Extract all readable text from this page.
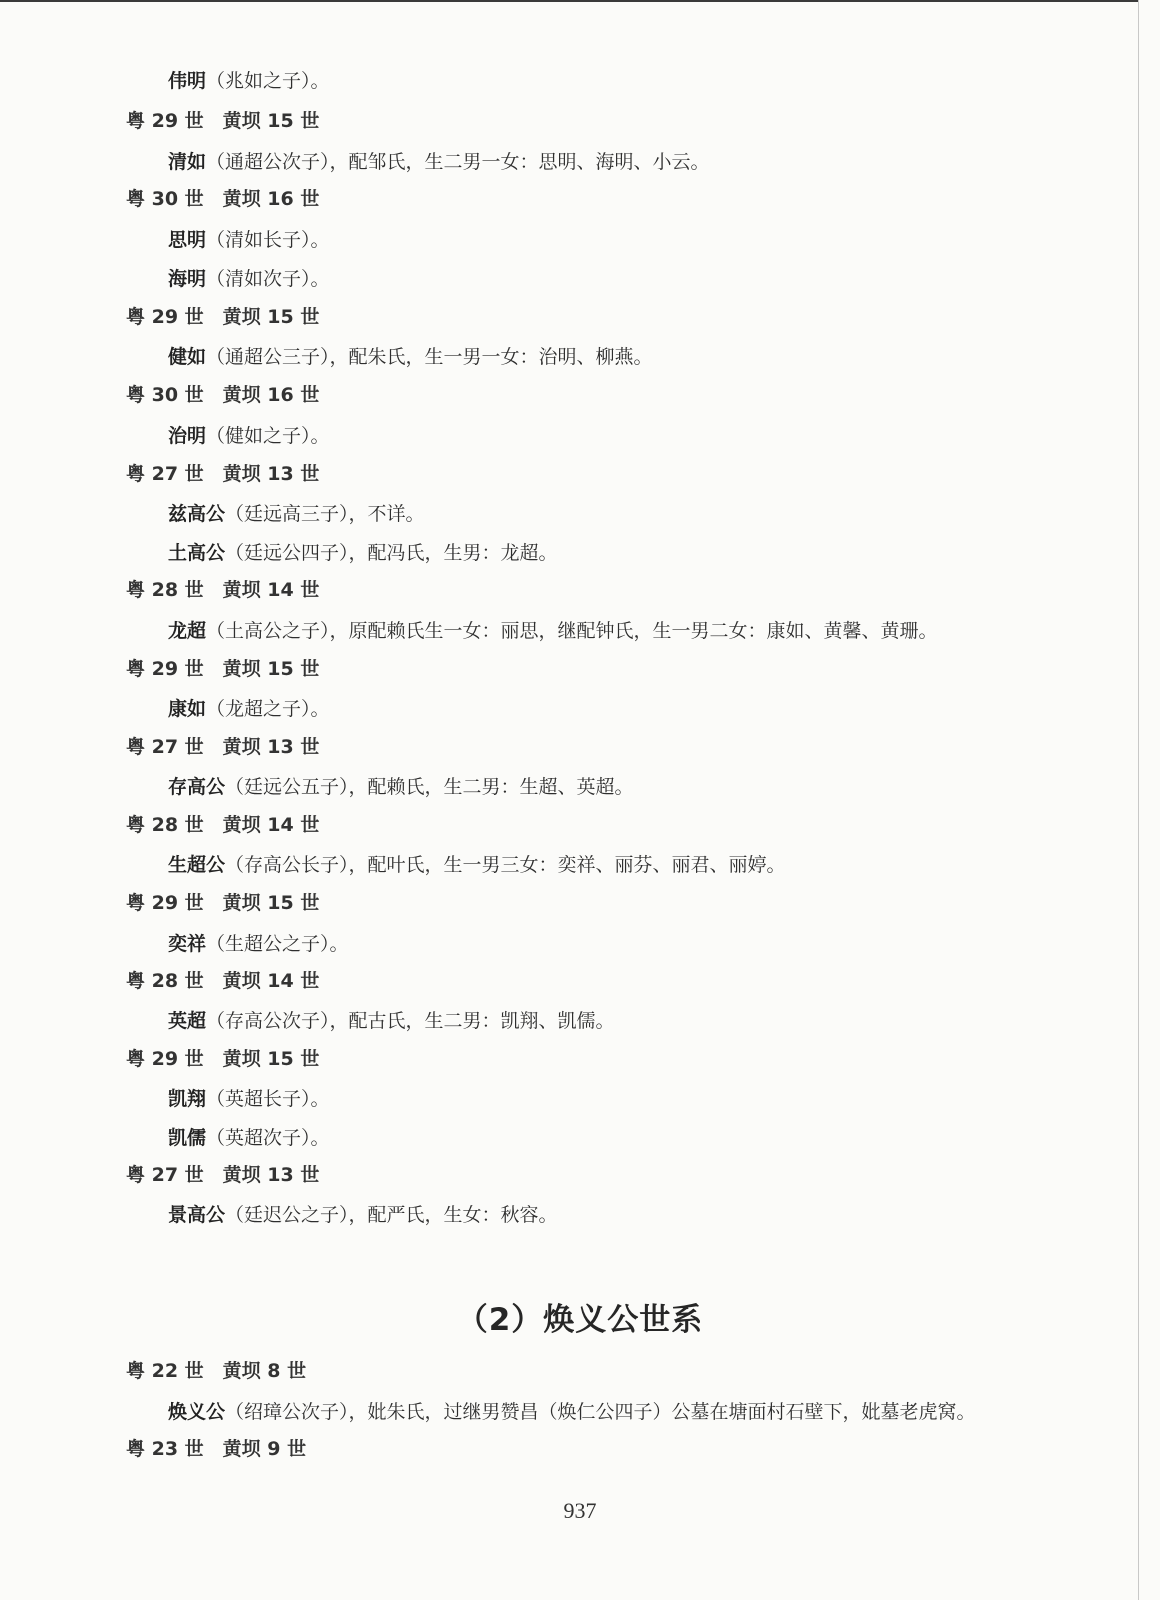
伟明（兆如之子）。
粤 29 世　黄坝 15 世
清如（通超公次子），配邹氏，生二男一女：思明、海明、小云。
粤 30 世　黄坝 16 世
思明（清如长子）。
海明（清如次子）。
粤 29 世　黄坝 15 世
健如（通超公三子），配朱氏，生一男一女：治明、柳燕。
粤 30 世　黄坝 16 世
治明（健如之子）。
粤 27 世　黄坝 13 世
兹高公（廷远高三子），不详。
土高公（廷远公四子），配冯氏，生男：龙超。
粤 28 世　黄坝 14 世
龙超（土高公之子），原配赖氏生一女：丽思，继配钟氏，生一男二女：康如、黄馨、黄珊。
粤 29 世　黄坝 15 世
康如（龙超之子）。
粤 27 世　黄坝 13 世
存高公（廷远公五子），配赖氏，生二男：生超、英超。
粤 28 世　黄坝 14 世
生超公（存高公长子），配叶氏，生一男三女：奕祥、丽芬、丽君、丽婷。
粤 29 世　黄坝 15 世
奕祥（生超公之子）。
粤 28 世　黄坝 14 世
英超（存高公次子），配古氏，生二男：凯翔、凯儒。
粤 29 世　黄坝 15 世
凯翔（英超长子）。
凯儒（英超次子）。
粤 27 世　黄坝 13 世
景高公（廷迟公之子），配严氏，生女：秋容。
粤 22 世　黄坝 8 世
焕义公（绍璋公次子），妣朱氏，过继男赞昌（焕仁公四子）公墓在塘面村石壁下，妣墓老虎窝。
粤 23 世　黄坝 9 世
（2）焕义公世系
937
